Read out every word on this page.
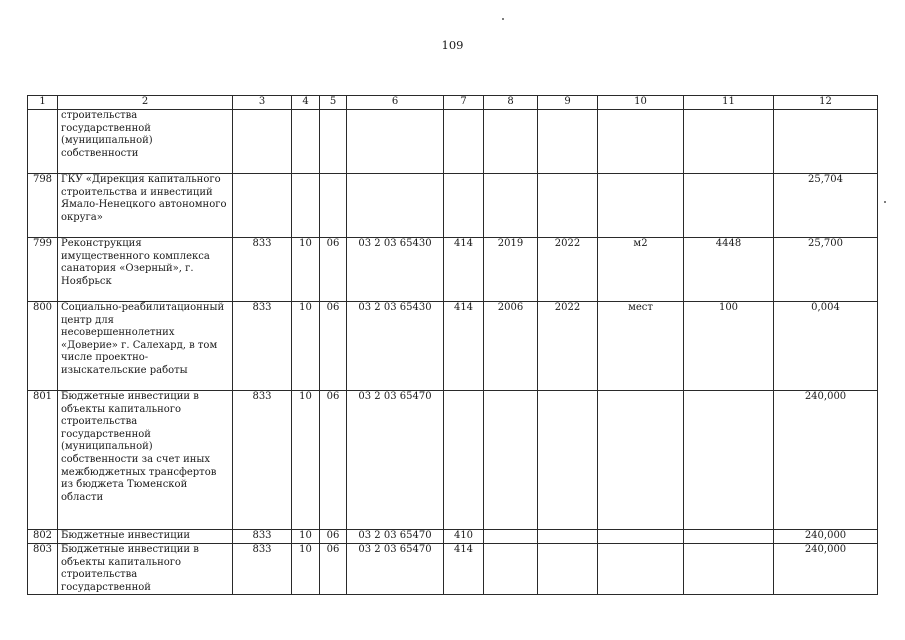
109
1	2	3	4	5	6	7	8	9	10	11	12
	строительства государственной (муниципальной) собственности										
798	ГКУ «Дирекция капитального строительства и инвестиций Ямало-Ненецкого автономного округа»										25,704
799	Реконструкция имущественного комплекса санатория «Озерный», г. Ноябрьск	833	10	06	03 2 03 65430	414	2019	2022	м2	4448	25,700
800	Социально-реабилитационный центр для несовершеннолетних «Доверие» г. Салехард, в том числе проектно-изыскательские работы	833	10	06	03 2 03 65430	414	2006	2022	мест	100	0,004
801	Бюджетные инвестиции в объекты капитального строительства государственной (муниципальной) собственности за счет иных межбюджетных трансфертов из бюджета Тюменской области	833	10	06	03 2 03 65470						240,000
802	Бюджетные инвестиции	833	10	06	03 2 03 65470	410					240,000
803	Бюджетные инвестиции в объекты капитального строительства государственной	833	10	06	03 2 03 65470	414					240,000
